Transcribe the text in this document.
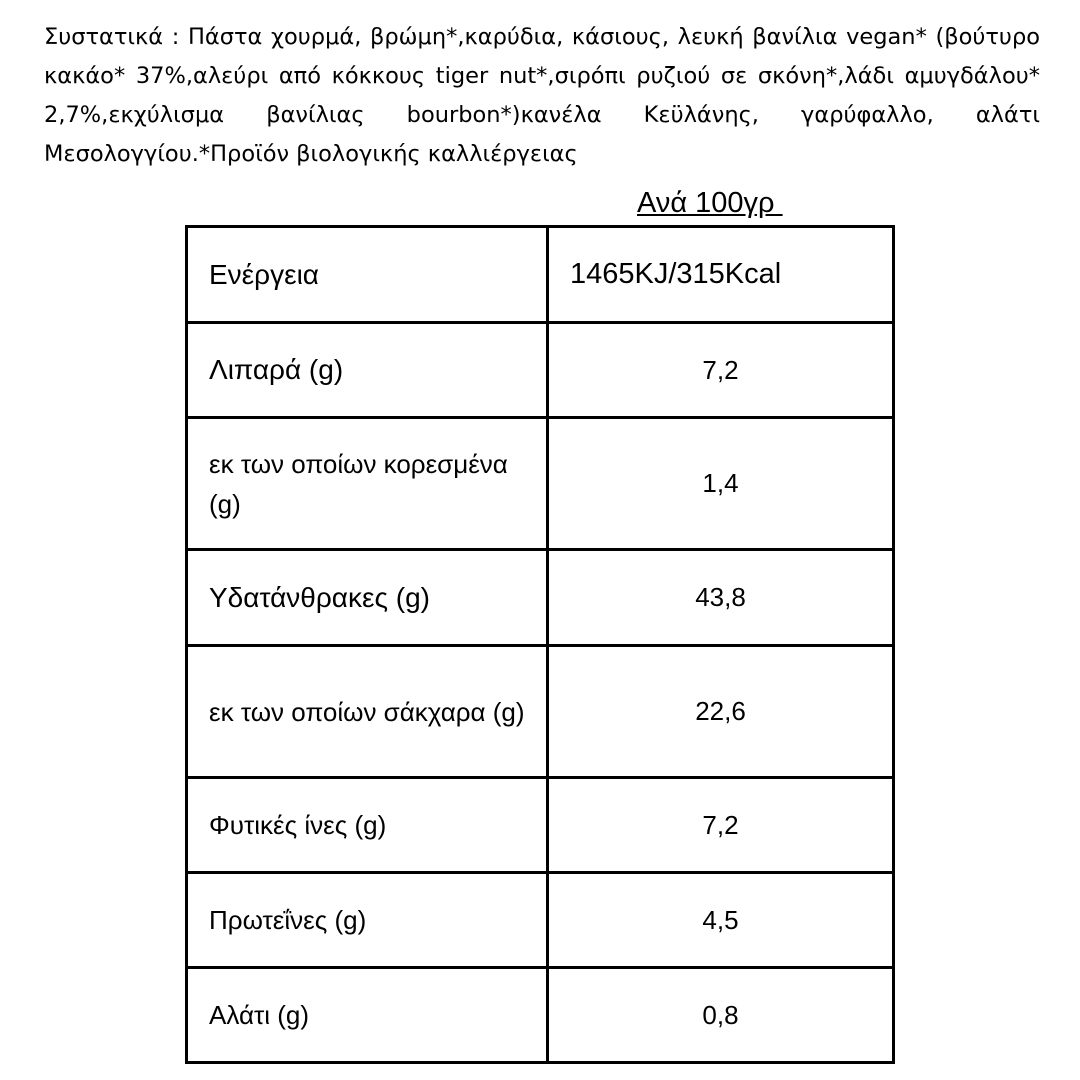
Συστατικά : Πάστα χουρμά, βρώμη*,καρύδια, κάσιους, λευκή βανίλια vegan* (βούτυρο κακάο* 37%,αλεύρι από κόκκους tiger nut*,σιρόπι ρυζιού σε σκόνη*,λάδι αμυγδάλου* 2,7%,εκχύλισμα βανίλιας bourbon*)κανέλα Κεϋλάνης, γαρύφαλλο, αλάτι Μεσολογγίου.*Προϊόν βιολογικής καλλιέργειας

Ανά 100γρ
Ενέργεια	1465KJ/315Kcal
Λιπαρά (g)	7,2
εκ των οποίων κορεσμένα (g)	1,4
Υδατάνθρακες (g)	43,8
εκ των οποίων σάκχαρα (g)	22,6
Φυτικές ίνες (g)	7,2
Πρωτεΐνες (g)	4,5
Αλάτι (g)	0,8
